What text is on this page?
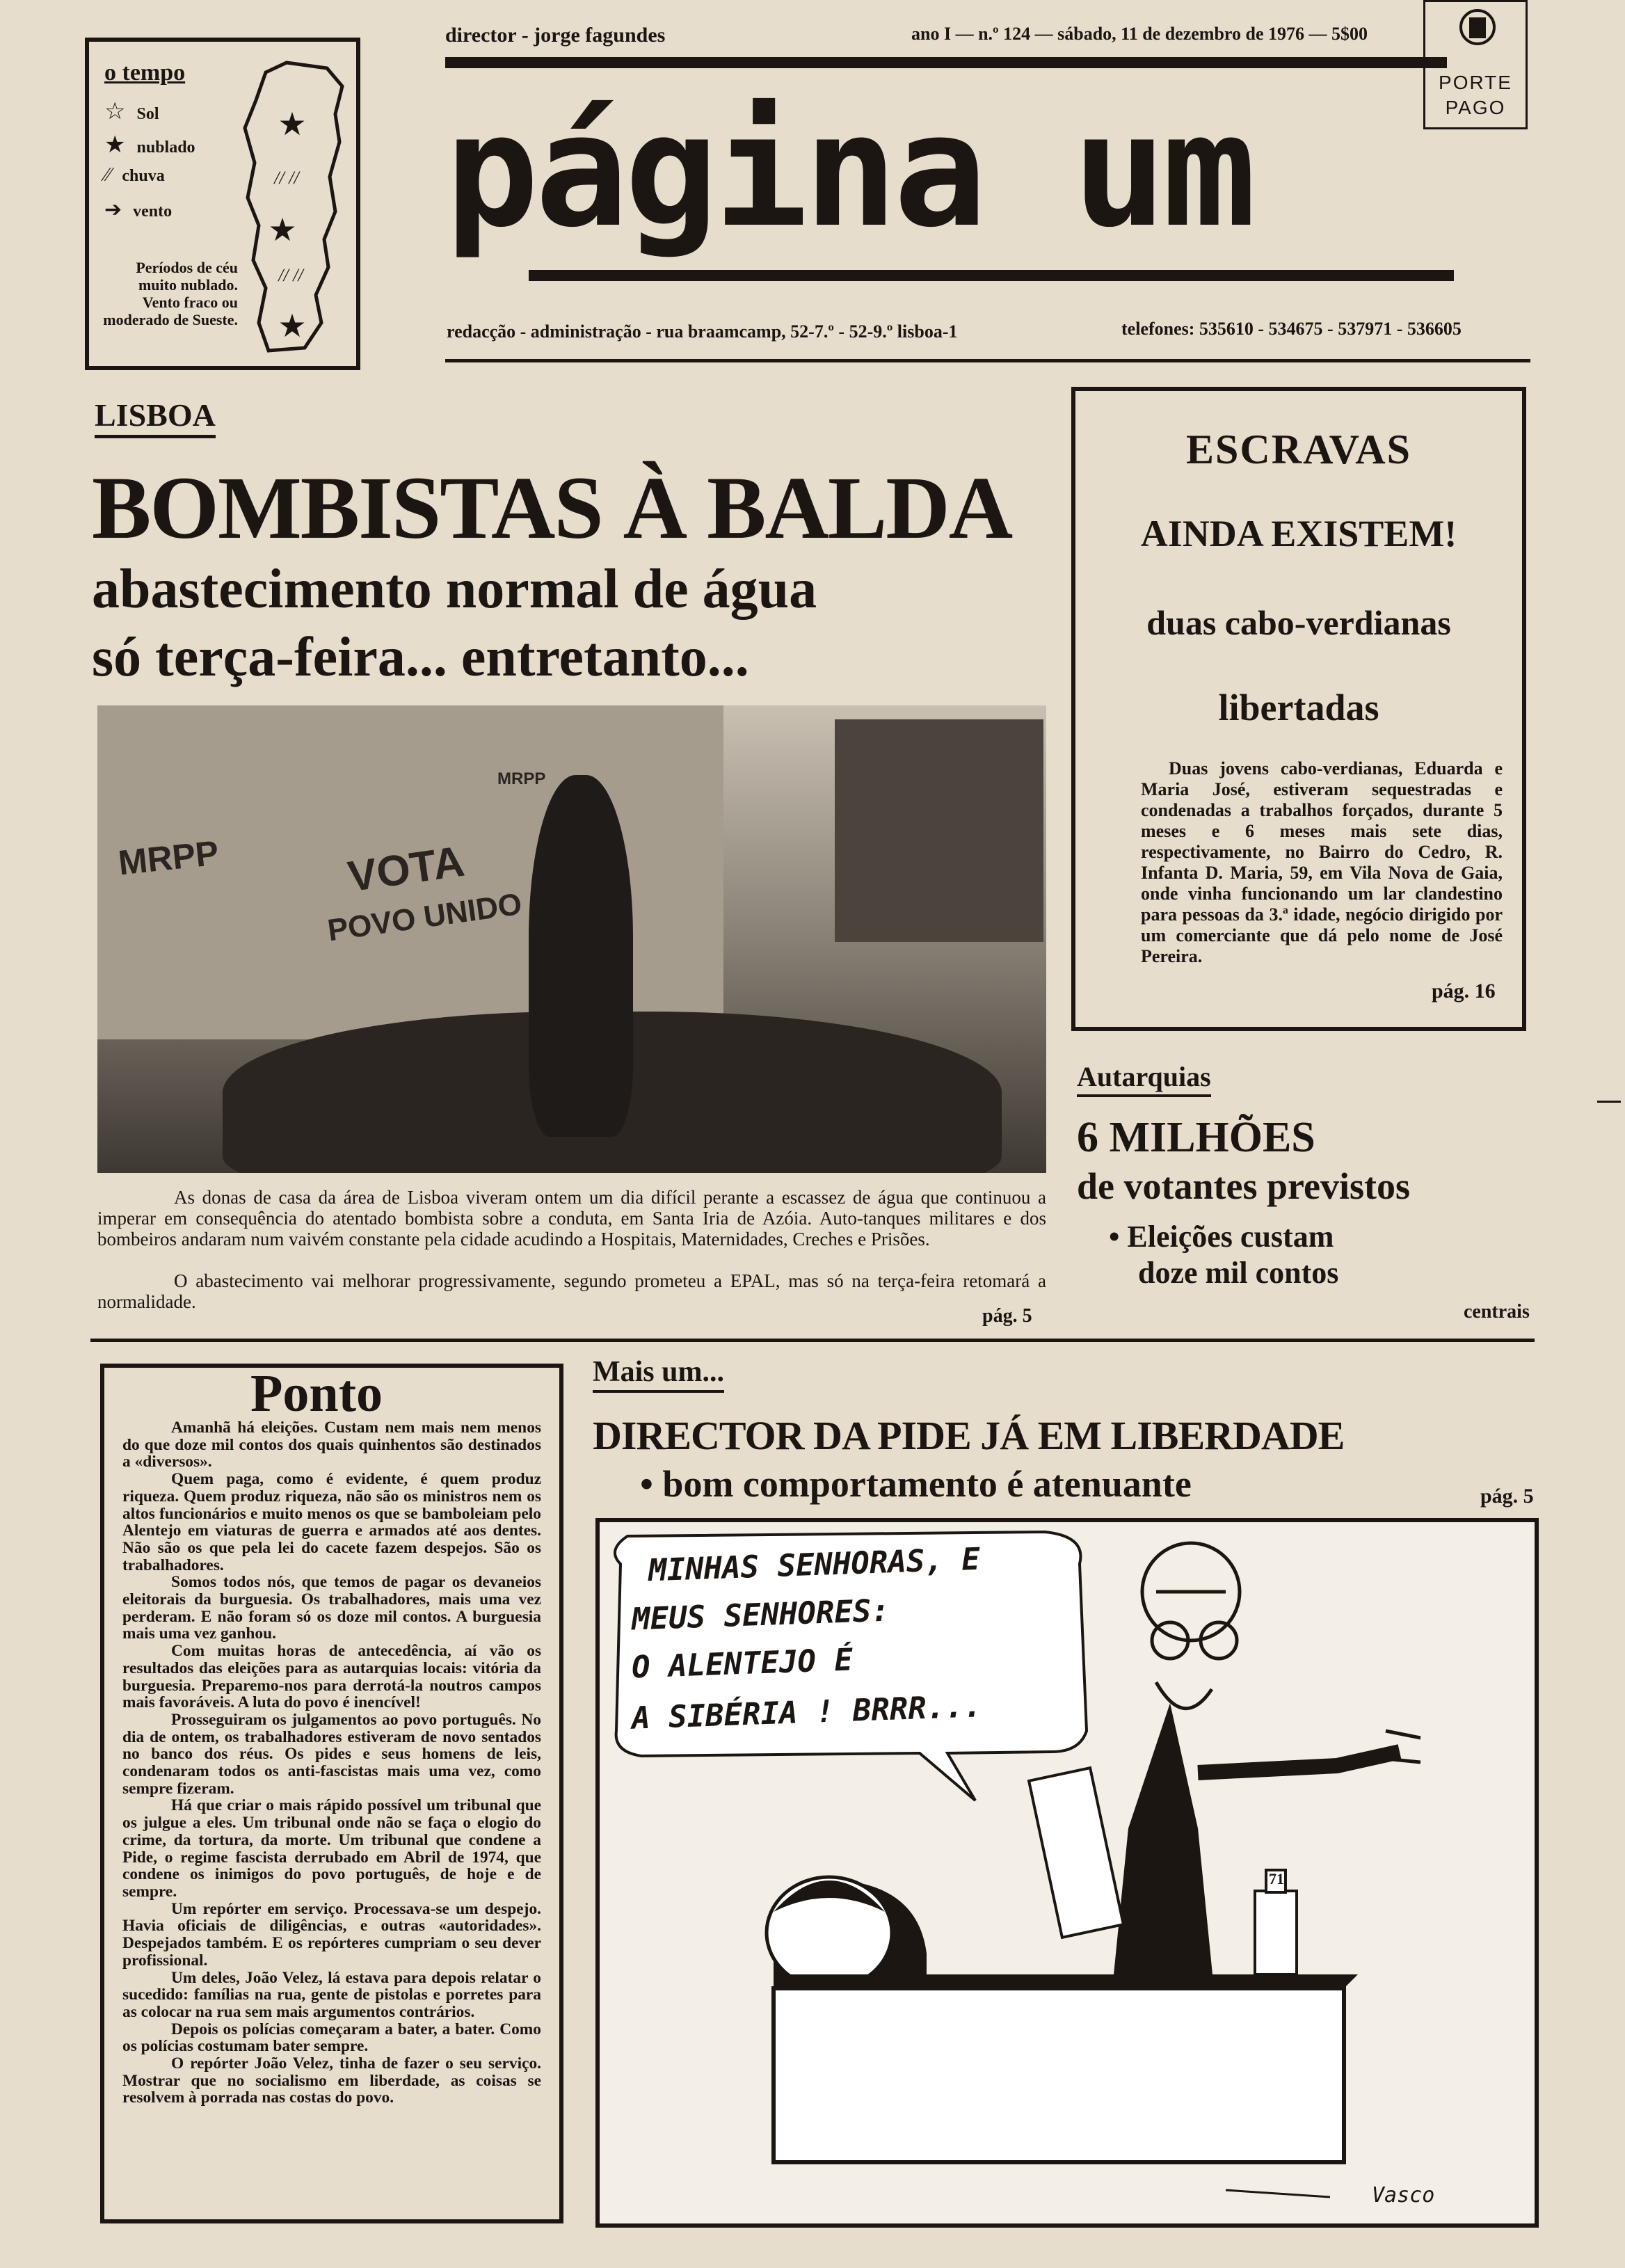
o tempo
☆ Sol
★ nublado
⁄⁄ chuva
➔ vento
Períodos de céu muito nublado. Vento fraco ou moderado de Sueste.
★
★
★
// //
// //
director - jorge fagundes	ano I — n.º 124 — sábado, 11 de dezembro de 1976 — 5$00
página um
redacção - administração - rua braamcamp, 52-7.º - 52-9.º lisboa-1	telefones: 535610 - 534675 - 537971 - 536605
PORTE
PAGO
LISBOA
BOMBISTAS À BALDA
abastecimento normal de água
só terça-feira... entretanto...
VOTA
POVO UNIDO
MRPP
MRPP
As donas de casa da área de Lisboa viveram ontem um dia difícil perante a escassez de água que continuou a imperar em consequência do atentado bombista sobre a conduta, em Santa Iria de Azóia. Auto-tanques militares e dos bombeiros andaram num vaivém constante pela cidade acudindo a Hospitais, Maternidades, Creches e Prisões.
O abastecimento vai melhorar progressivamente, segundo prometeu a EPAL, mas só na terça-feira retomará a normalidade.
pág. 5
ESCRAVAS
AINDA EXISTEM!
duas cabo-verdianas
libertadas
Duas jovens cabo-verdianas, Eduarda e Maria José, estiveram sequestradas e condenadas a trabalhos forçados, durante 5 meses e 6 meses mais sete dias, respectivamente, no Bairro do Cedro, R. Infanta D. Maria, 59, em Vila Nova de Gaia, onde vinha funcionando um lar clandestino para pessoas da 3.ª idade, negócio dirigido por um comerciante que dá pelo nome de José Pereira.
pág. 16
Autarquias
6 MILHÕES
de votantes previstos
• Eleições custam
doze mil contos
centrais
Ponto

Amanhã há eleições. Custam nem mais nem menos do que doze mil contos dos quais quinhentos são destinados a «diversos».

Quem paga, como é evidente, é quem produz riqueza. Quem produz riqueza, não são os ministros nem os altos funcionários e muito menos os que se bamboleiam pelo Alentejo em viaturas de guerra e armados até aos dentes. Não são os que pela lei do cacete fazem despejos. São os trabalhadores.

Somos todos nós, que temos de pagar os devaneios eleitorais da burguesia. Os trabalhadores, mais uma vez perderam. E não foram só os doze mil contos. A burguesia mais uma vez ganhou.

Com muitas horas de antecedência, aí vão os resultados das eleições para as autarquias locais: vitória da burguesia. Preparemo-nos para derrotá-la noutros campos mais favoráveis. A luta do povo é inencível!

Prosseguiram os julgamentos ao povo português. No dia de ontem, os trabalhadores estiveram de novo sentados no banco dos réus. Os pides e seus homens de leis, condenaram todos os anti-fascistas mais uma vez, como sempre fizeram.

Há que criar o mais rápido possível um tribunal que os julgue a eles. Um tribunal onde não se faça o elogio do crime, da tortura, da morte. Um tribunal que condene a Pide, o regime fascista derrubado em Abril de 1974, que condene os inimigos do povo português, de hoje e de sempre.

Um repórter em serviço. Processava-se um despejo. Havia oficiais de diligências, e outras «autoridades». Despejados também. E os repórteres cumpriam o seu dever profissional.

Um deles, João Velez, lá estava para depois relatar o sucedido: famílias na rua, gente de pistolas e porretes para as colocar na rua sem mais argumentos contrários.

Depois os polícias começaram a bater, a bater. Como os polícias costumam bater sempre.

O repórter João Velez, tinha de fazer o seu serviço. Mostrar que no socialismo em liberdade, as coisas se resolvem à porrada nas costas do povo.

Mais um...
DIRECTOR DA PIDE JÁ EM LIBERDADE
• bom comportamento é atenuante	pág. 5
MINHAS SENHORAS, E
MEUS SENHORES:
O ALENTEJO É
A SIBÉRIA ! BRRR...
71
Vasco
